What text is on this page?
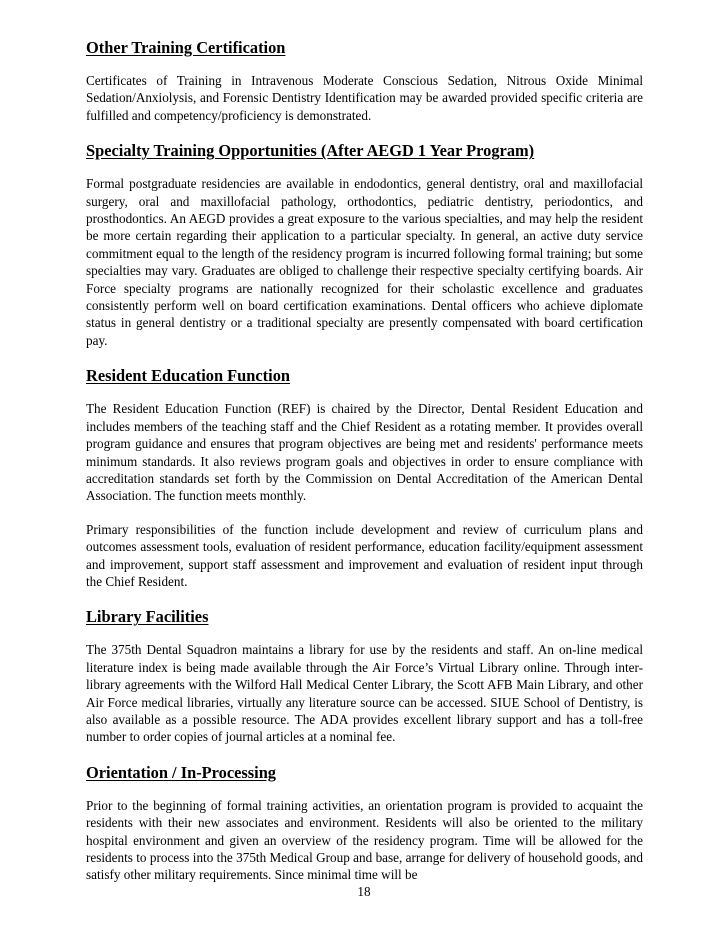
Other Training Certification

Certificates of Training in Intravenous Moderate Conscious Sedation, Nitrous Oxide Minimal Sedation/Anxiolysis, and Forensic Dentistry Identification may be awarded provided specific criteria are fulfilled and competency/proficiency is demonstrated.

Specialty Training Opportunities (After AEGD 1 Year Program)

Formal postgraduate residencies are available in endodontics, general dentistry, oral and maxillofacial surgery, oral and maxillofacial pathology, orthodontics, pediatric dentistry, periodontics, and prosthodontics. An AEGD provides a great exposure to the various specialties, and may help the resident be more certain regarding their application to a particular specialty. In general, an active duty service commitment equal to the length of the residency program is incurred following formal training; but some specialties may vary. Graduates are obliged to challenge their respective specialty certifying boards. Air Force specialty programs are nationally recognized for their scholastic excellence and graduates consistently perform well on board certification examinations. Dental officers who achieve diplomate status in general dentistry or a traditional specialty are presently compensated with board certification pay.

Resident Education Function

The Resident Education Function (REF) is chaired by the Director, Dental Resident Education and includes members of the teaching staff and the Chief Resident as a rotating member. It provides overall program guidance and ensures that program objectives are being met and residents' performance meets minimum standards. It also reviews program goals and objectives in order to ensure compliance with accreditation standards set forth by the Commission on Dental Accreditation of the American Dental Association. The function meets monthly.

Primary responsibilities of the function include development and review of curriculum plans and outcomes assessment tools, evaluation of resident performance, education facility/equipment assessment and improvement, support staff assessment and improvement and evaluation of resident input through the Chief Resident.

Library Facilities

The 375th Dental Squadron maintains a library for use by the residents and staff. An on-line medical literature index is being made available through the Air Force’s Virtual Library online. Through inter-library agreements with the Wilford Hall Medical Center Library, the Scott AFB Main Library, and other Air Force medical libraries, virtually any literature source can be accessed. SIUE School of Dentistry, is also available as a possible resource. The ADA provides excellent library support and has a toll-free number to order copies of journal articles at a nominal fee.

Orientation / In-Processing

Prior to the beginning of formal training activities, an orientation program is provided to acquaint the residents with their new associates and environment. Residents will also be oriented to the military hospital environment and given an overview of the residency program. Time will be allowed for the residents to process into the 375th Medical Group and base, arrange for delivery of household goods, and satisfy other military requirements. Since minimal time will be

18
